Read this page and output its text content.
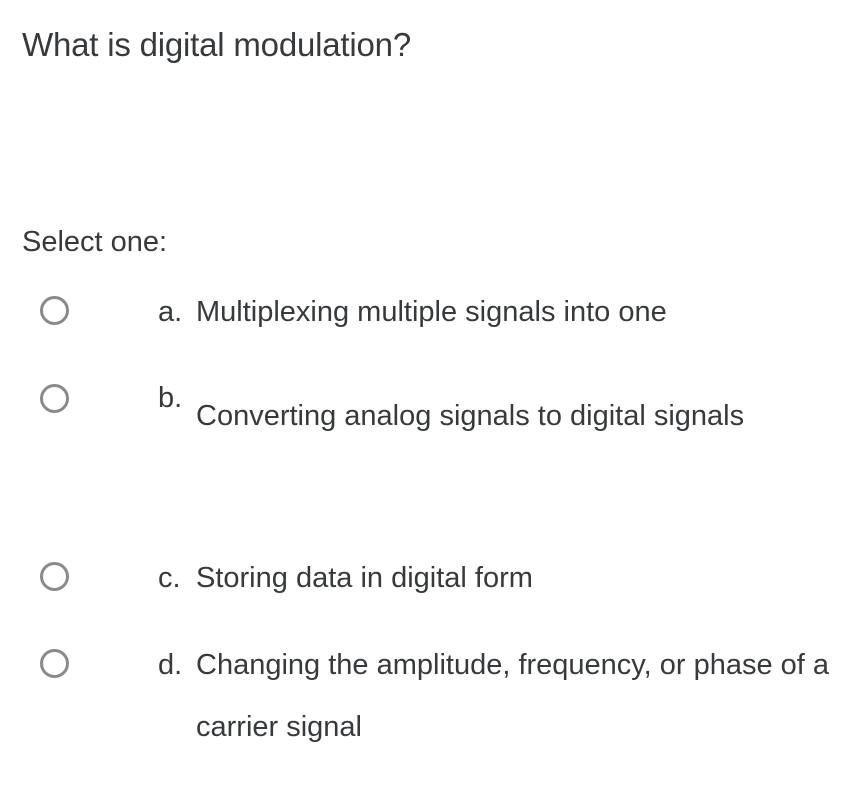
What is digital modulation?
Select one:
a. Multiplexing multiple signals into one
b.
Converting analog signals to digital signals
c. Storing data in digital form
d. Changing the amplitude, frequency, or phase of a carrier signal
